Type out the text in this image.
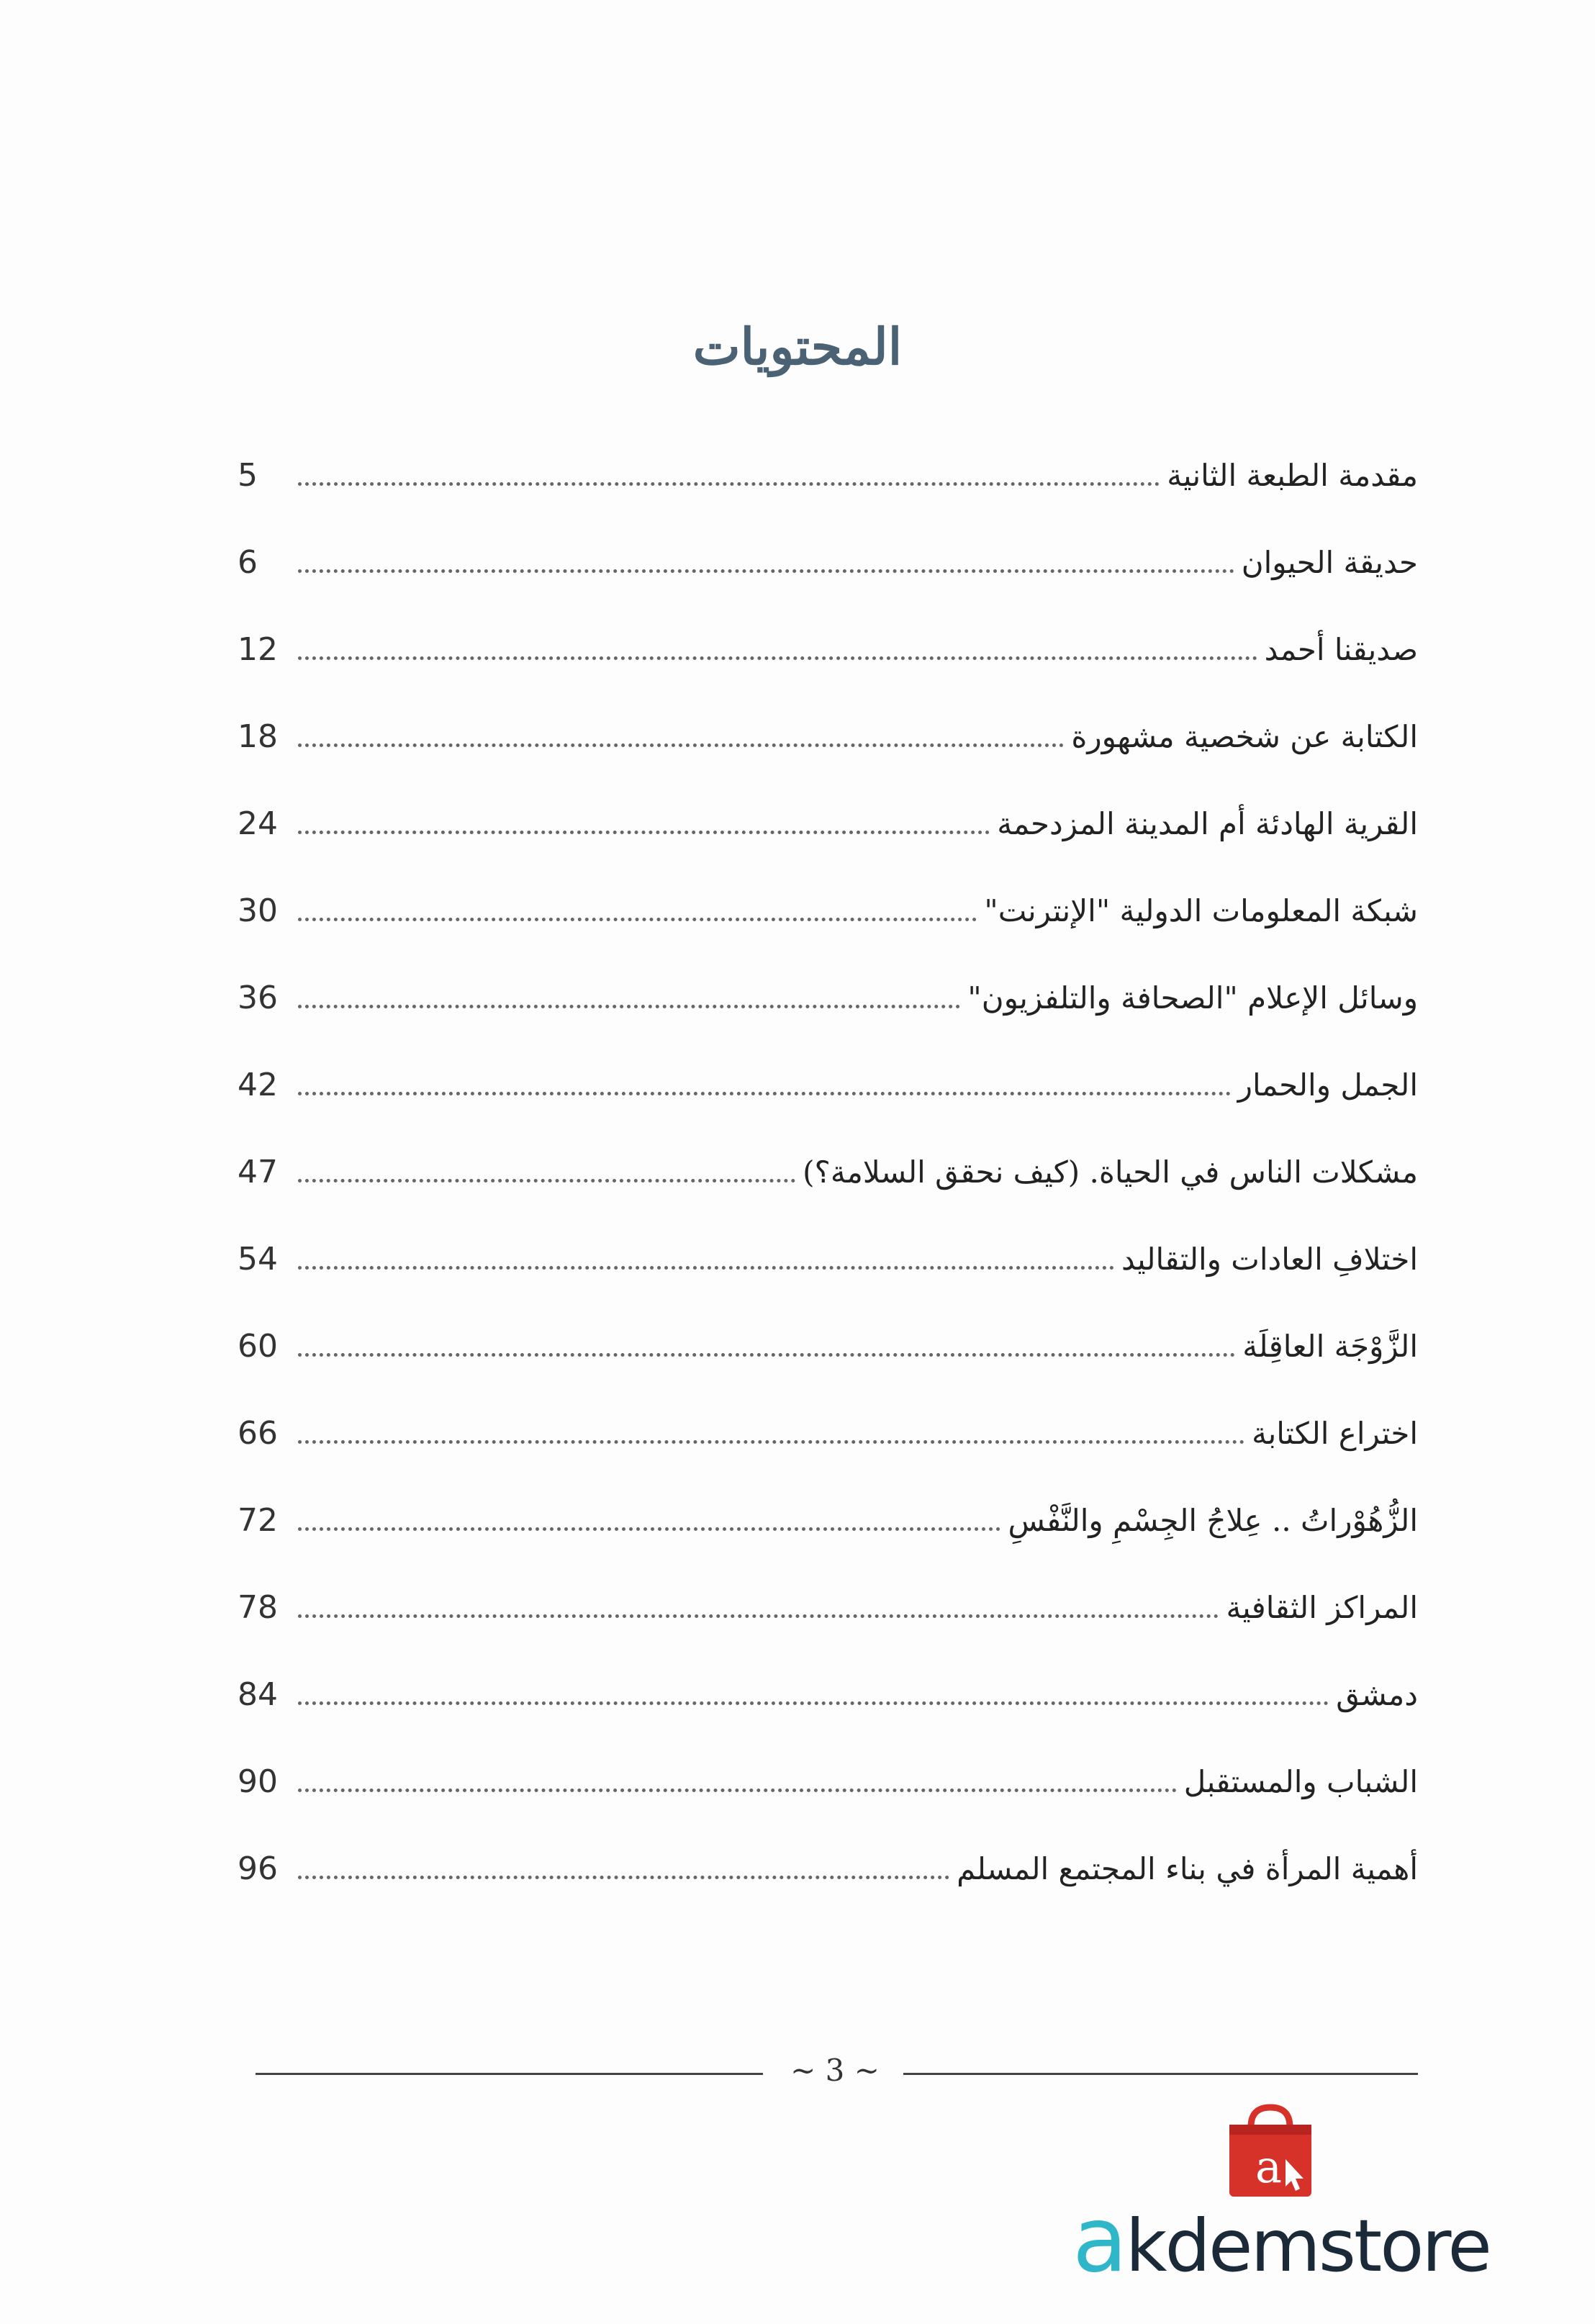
المحتويات
مقدمة الطبعة الثانية
5
حديقة الحيوان
6
صديقنا أحمد
12
الكتابة عن شخصية مشهورة
18
القرية الهادئة أم المدينة المزدحمة
24
شبكة المعلومات الدولية "الإنترنت"
30
وسائل الإعلام "الصحافة والتلفزيون"
36
الجمل والحمار
42
مشكلات الناس في الحياة. (كيف نحقق السلامة؟)
47
اختلافِ العادات والتقاليد
54
الزَّوْجَة العاقِلَة
60
اختراع الكتابة
66
الزُّهُوْراتُ .. عِلاجُ الجِسْمِ والنَّفْسِ
72
المراكز الثقافية
78
دمشق
84
الشباب والمستقبل
90
أهمية المرأة في بناء المجتمع المسلم
96
~ 3 ~
a
akdemstore
